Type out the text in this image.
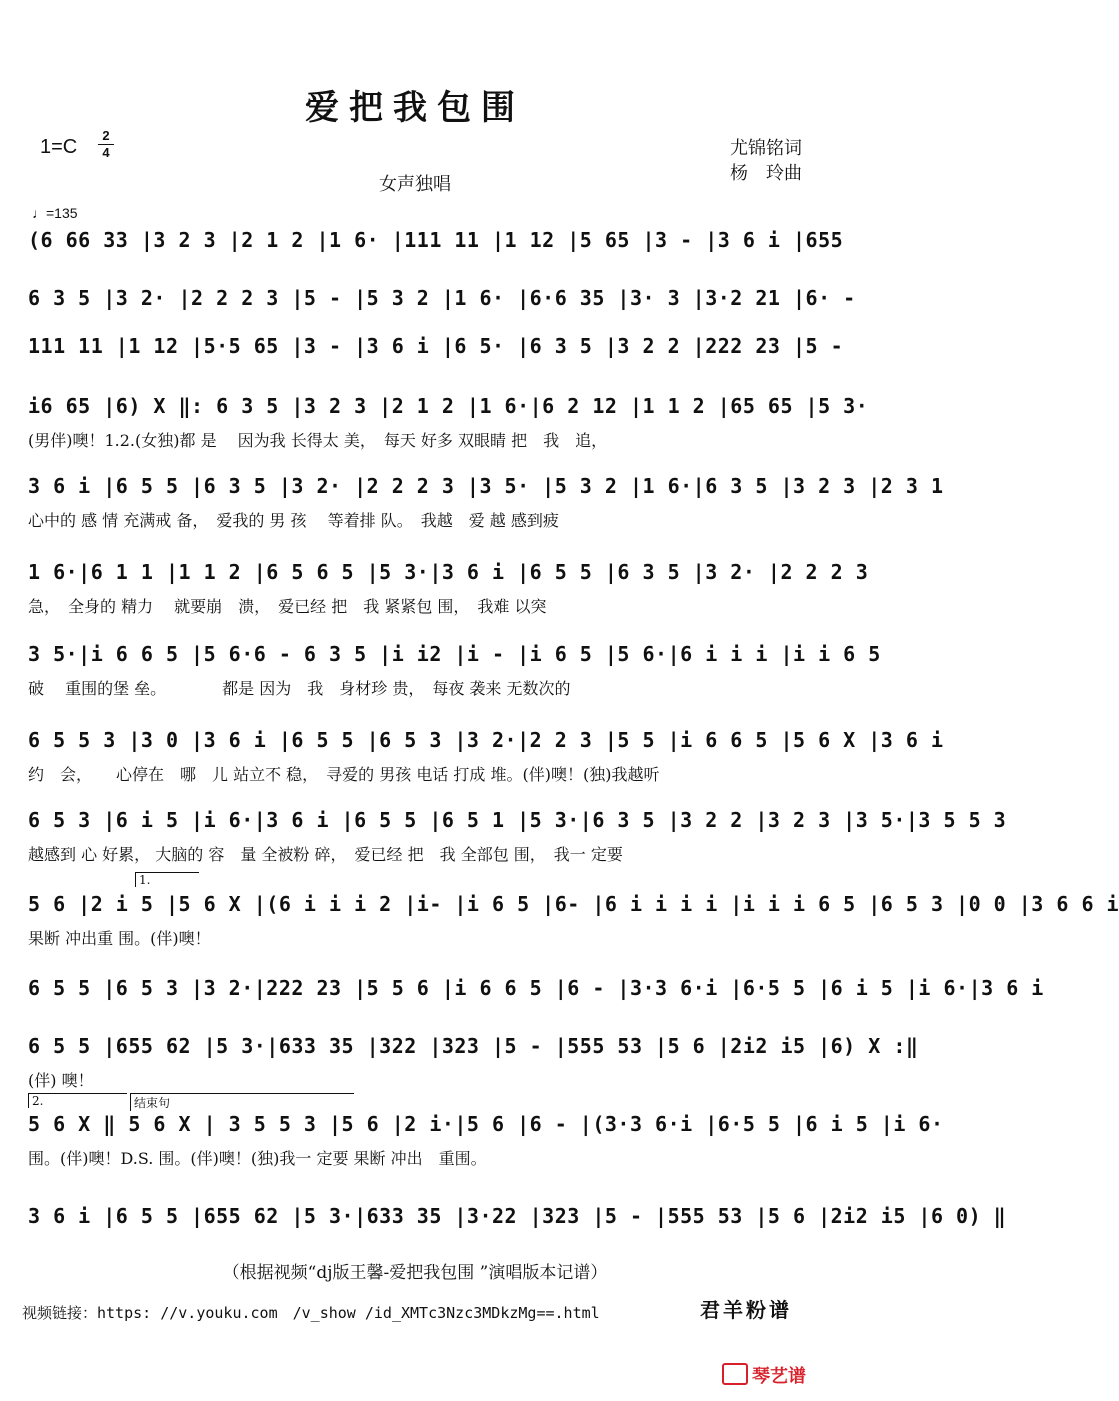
爱把我包围
1=C
2
4	尤锦铭词
杨　玲曲
女声独唱
♩=135
(6 66 33 |3 2 3 |2 1 2 |1 6· |111 11 |1 12 |5 65 |3 - |3 6 i |655
6 3 5 |3 2· |2 2 2 3 |5 - |5 3 2 |1 6· |6·6 35 |3· 3 |3·2 21 |6· -
111 11 |1 12 |5·5 65 |3 - |3 6 i |6 5· |6 3 5 |3 2 2 |222 23 |5 -
i6 65 |6) X ‖: 6 3 5 |3 2 3 |2 1 2 |1 6·|6 2 12 |1 1 2 |65 65 |5 3·
(男伴)噢！1.2.(女独)都 是　 因为我 长得太 美，　每天 好多 双眼睛 把　我　追，
3 6 i |6 5 5 |6 3 5 |3 2· |2 2 2 3 |3 5· |5 3 2 |1 6·|6 3 5 |3 2 3 |2 3 1
心中的 感 情 充满戒 备，　爱我的 男 孩　 等着排 队。　我越　爱 越 感到疲
1 6·|6 1 1 |1 1 2 |6 5 6 5 |5 3·|3 6 i |6 5 5 |6 3 5 |3 2· |2 2 2 3
急，　全身的 精力　 就要崩　溃，　爱已经 把　我 紧紧包 围，　我难 以突
3 5·|i 6 6 5 |5 6·6 - 6 3 5 |i i2 |i - |i 6 5 |5 6·|6 i i i |i i 6 5
破　 重围的堡 垒。　　　　都是 因为　我　身材珍 贵，　每夜 袭来 无数次的
6 5 5 3 |3 0 |3 6 i |6 5 5 |6 5 3 |3 2·|2 2 3 |5 5 |i 6 6 5 |5 6 X |3 6 i
约　会，　　心停在　哪　儿 站立不 稳，　寻爱的 男孩 电话 打成 堆。(伴)噢！(独)我越听
6 5 3 |6 i 5 |i 6·|3 6 i |6 5 5 |6 5 1 |5 3·|6 3 5 |3 2 2 |3 2 3 |3 5·|3 5 5 3
越感到 心 好累， 大脑的 容　量 全被粉 碎，　爱已经 把　我 全部包 围，　我一 定要
5 6 |2 i 5 |5 6 X |(6 i i i 2 |i- |i 6 5 |6- |6 i i i i |i i i 6 5 |6 5 3 |0 0 |3 6 6 i
果断 冲出重 围。(伴)噢！
6 5 5 |6 5 3 |3 2·|222 23 |5 5 6 |i 6 6 5 |6 - |3·3 6·i |6·5 5 |6 i 5 |i 6·|3 6 i
6 5 5 |655 62 |5 3·|633 35 |322 |323 |5 - |555 53 |5 6 |2i2 i5 |6) X :‖
(伴) 噢！
5 6 X ‖ 5 6 X | 3 5 5 3 |5 6 |2 i·|5 6 |6 - |(3·3 6·i |6·5 5 |6 i 5 |i 6·
围。(伴)噢！D.S. 围。(伴)噢！(独)我一 定要 果断 冲出　重围。
3 6 i |6 5 5 |655 62 |5 3·|633 35 |3·22 |323 |5 - |555 53 |5 6 |2i2 i5 |6 0) ‖
1.
2.	结束句
（根据视频“dj版王馨-爱把我包围 ”演唱版本记谱）
视频链接：https: //v.youku.com　/v_show /id_XMTc3Nzc3MDkzMg==.html	君羊粉谱
琴艺谱
